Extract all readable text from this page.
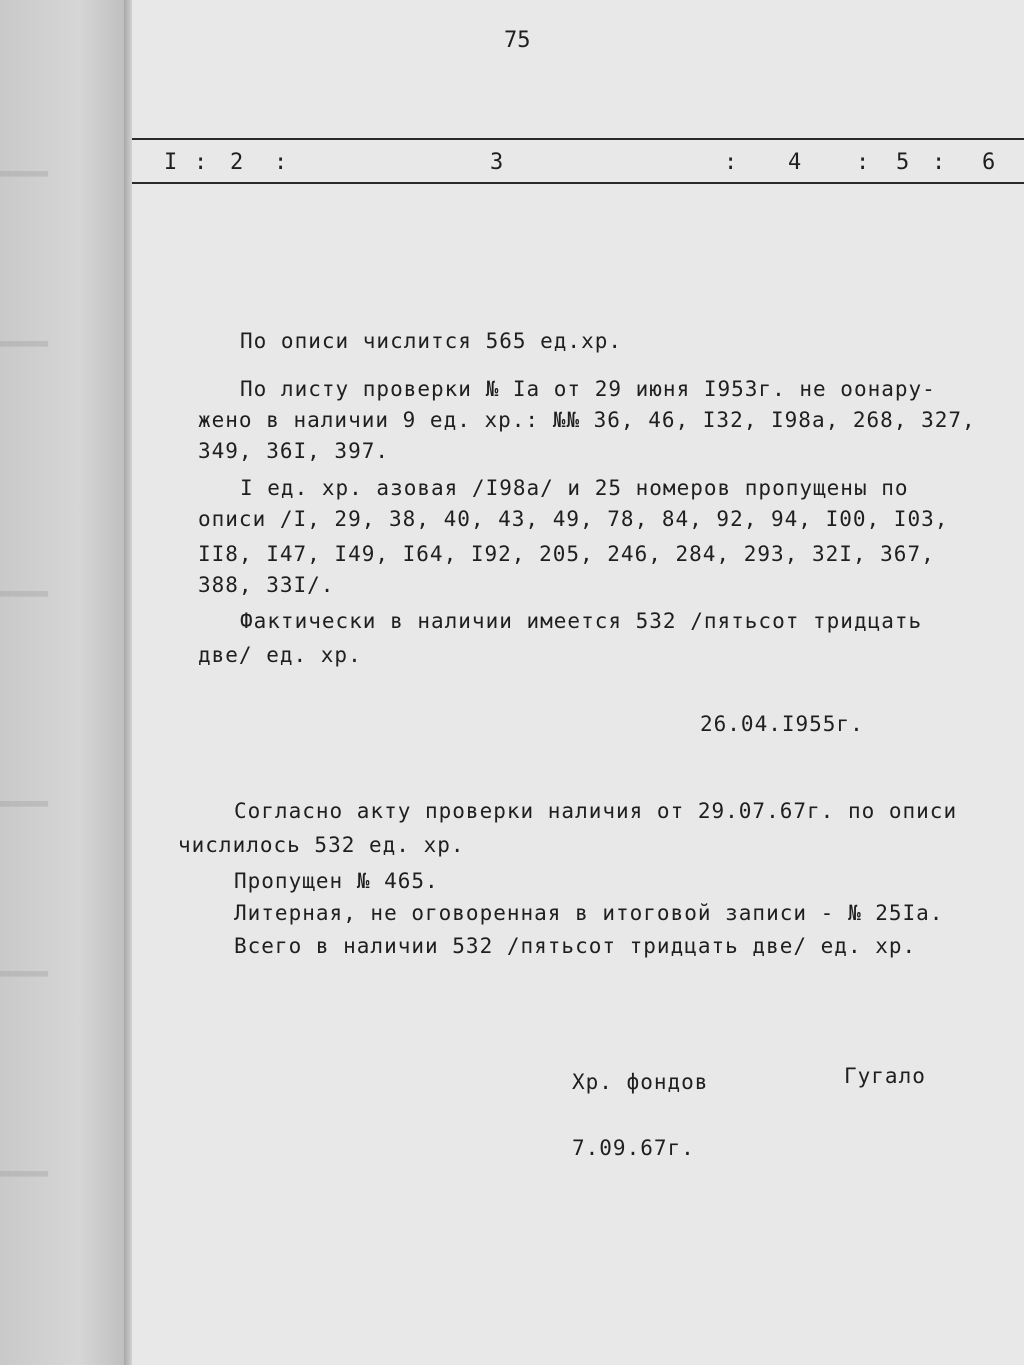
▬▬▬▬
▬▬▬▬
▬▬▬▬
▬▬▬▬
▬▬▬▬
▬▬▬▬
75
I : 2 :	3	: 4 : 5 : 6
По описи числится 565 ед.хр.
По листу проверки № Iа от 29 июня I953г. не оонару-
жено в наличии 9 ед. хр.: №№ 36, 46, I32, I98а, 268, 327,
349, 36I, 397.
I ед. хр. азовая /I98а/ и 25 номеров пропущены по
описи /I, 29, 38, 40, 43, 49, 78, 84, 92, 94, I00, I03,
II8, I47, I49, I64, I92, 205, 246, 284, 293, 32I, 367,
388, 33I/.
Фактически в наличии имеется 532 /пятьсот тридцать
две/ ед. хр.
26.04.I955г.
Согласно акту проверки наличия от 29.07.67г. по описи
числилось 532 ед. хр.
Пропущен № 465.
Литерная, не оговоренная в итоговой записи - № 25Iа.
Всего в наличии 532 /пятьсот тридцать две/ ед. хр.
Хр. фондов	Гугало
7.09.67г.
